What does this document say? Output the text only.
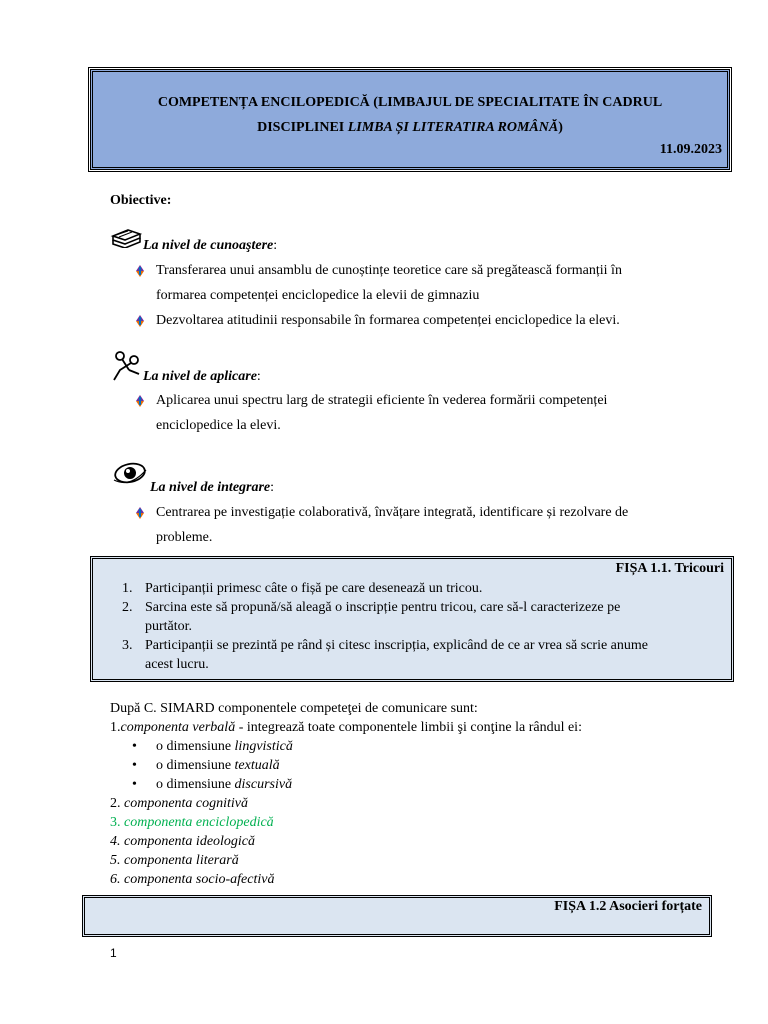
COMPETENȚA ENCILOPEDICĂ (LIMBAJUL DE SPECIALITATE ÎN CADRUL
DISCIPLINEI LIMBA ȘI LITERATIRA ROMÂNĂ)
11.09.2023
Obiective:
La nivel de cunoaştere:
Transferarea unui ansamblu de cunoștințe teoretice care să pregătească formanții în
formarea competenței enciclopedice la elevii de gimnaziu
Dezvoltarea atitudinii responsabile în formarea competenței enciclopedice la elevi.
La nivel de aplicare:
Aplicarea unui spectru larg de strategii eficiente în vederea formării competenței
enciclopedice la elevi.
La nivel de integrare:
Centrarea pe investigație colaborativă, învățare integrată, identificare și rezolvare de
probleme.
FIȘA 1.1. Tricouri
1. Participanții primesc câte o fișă pe care desenează un tricou.
2. Sarcina este să propună/să aleagă o inscripție pentru tricou, care să-l caracterizeze pe
purtător.
3. Participanții se prezintă pe rând și citesc inscripția, explicând de ce ar vrea să scrie anume
acest lucru.
După C. SIMARD componentele competeţei de comunicare sunt:
1.componenta verbală - integrează toate componentele limbii şi conţine la rândul ei:
• o dimensiune lingvistică
• o dimensiune textuală
• o dimensiune discursivă
2. componenta cognitivă
3. componenta enciclopedică
4. componenta ideologică
5. componenta literară
6. componenta socio-afectivă
FIȘA 1.2 Asocieri forțate
1
